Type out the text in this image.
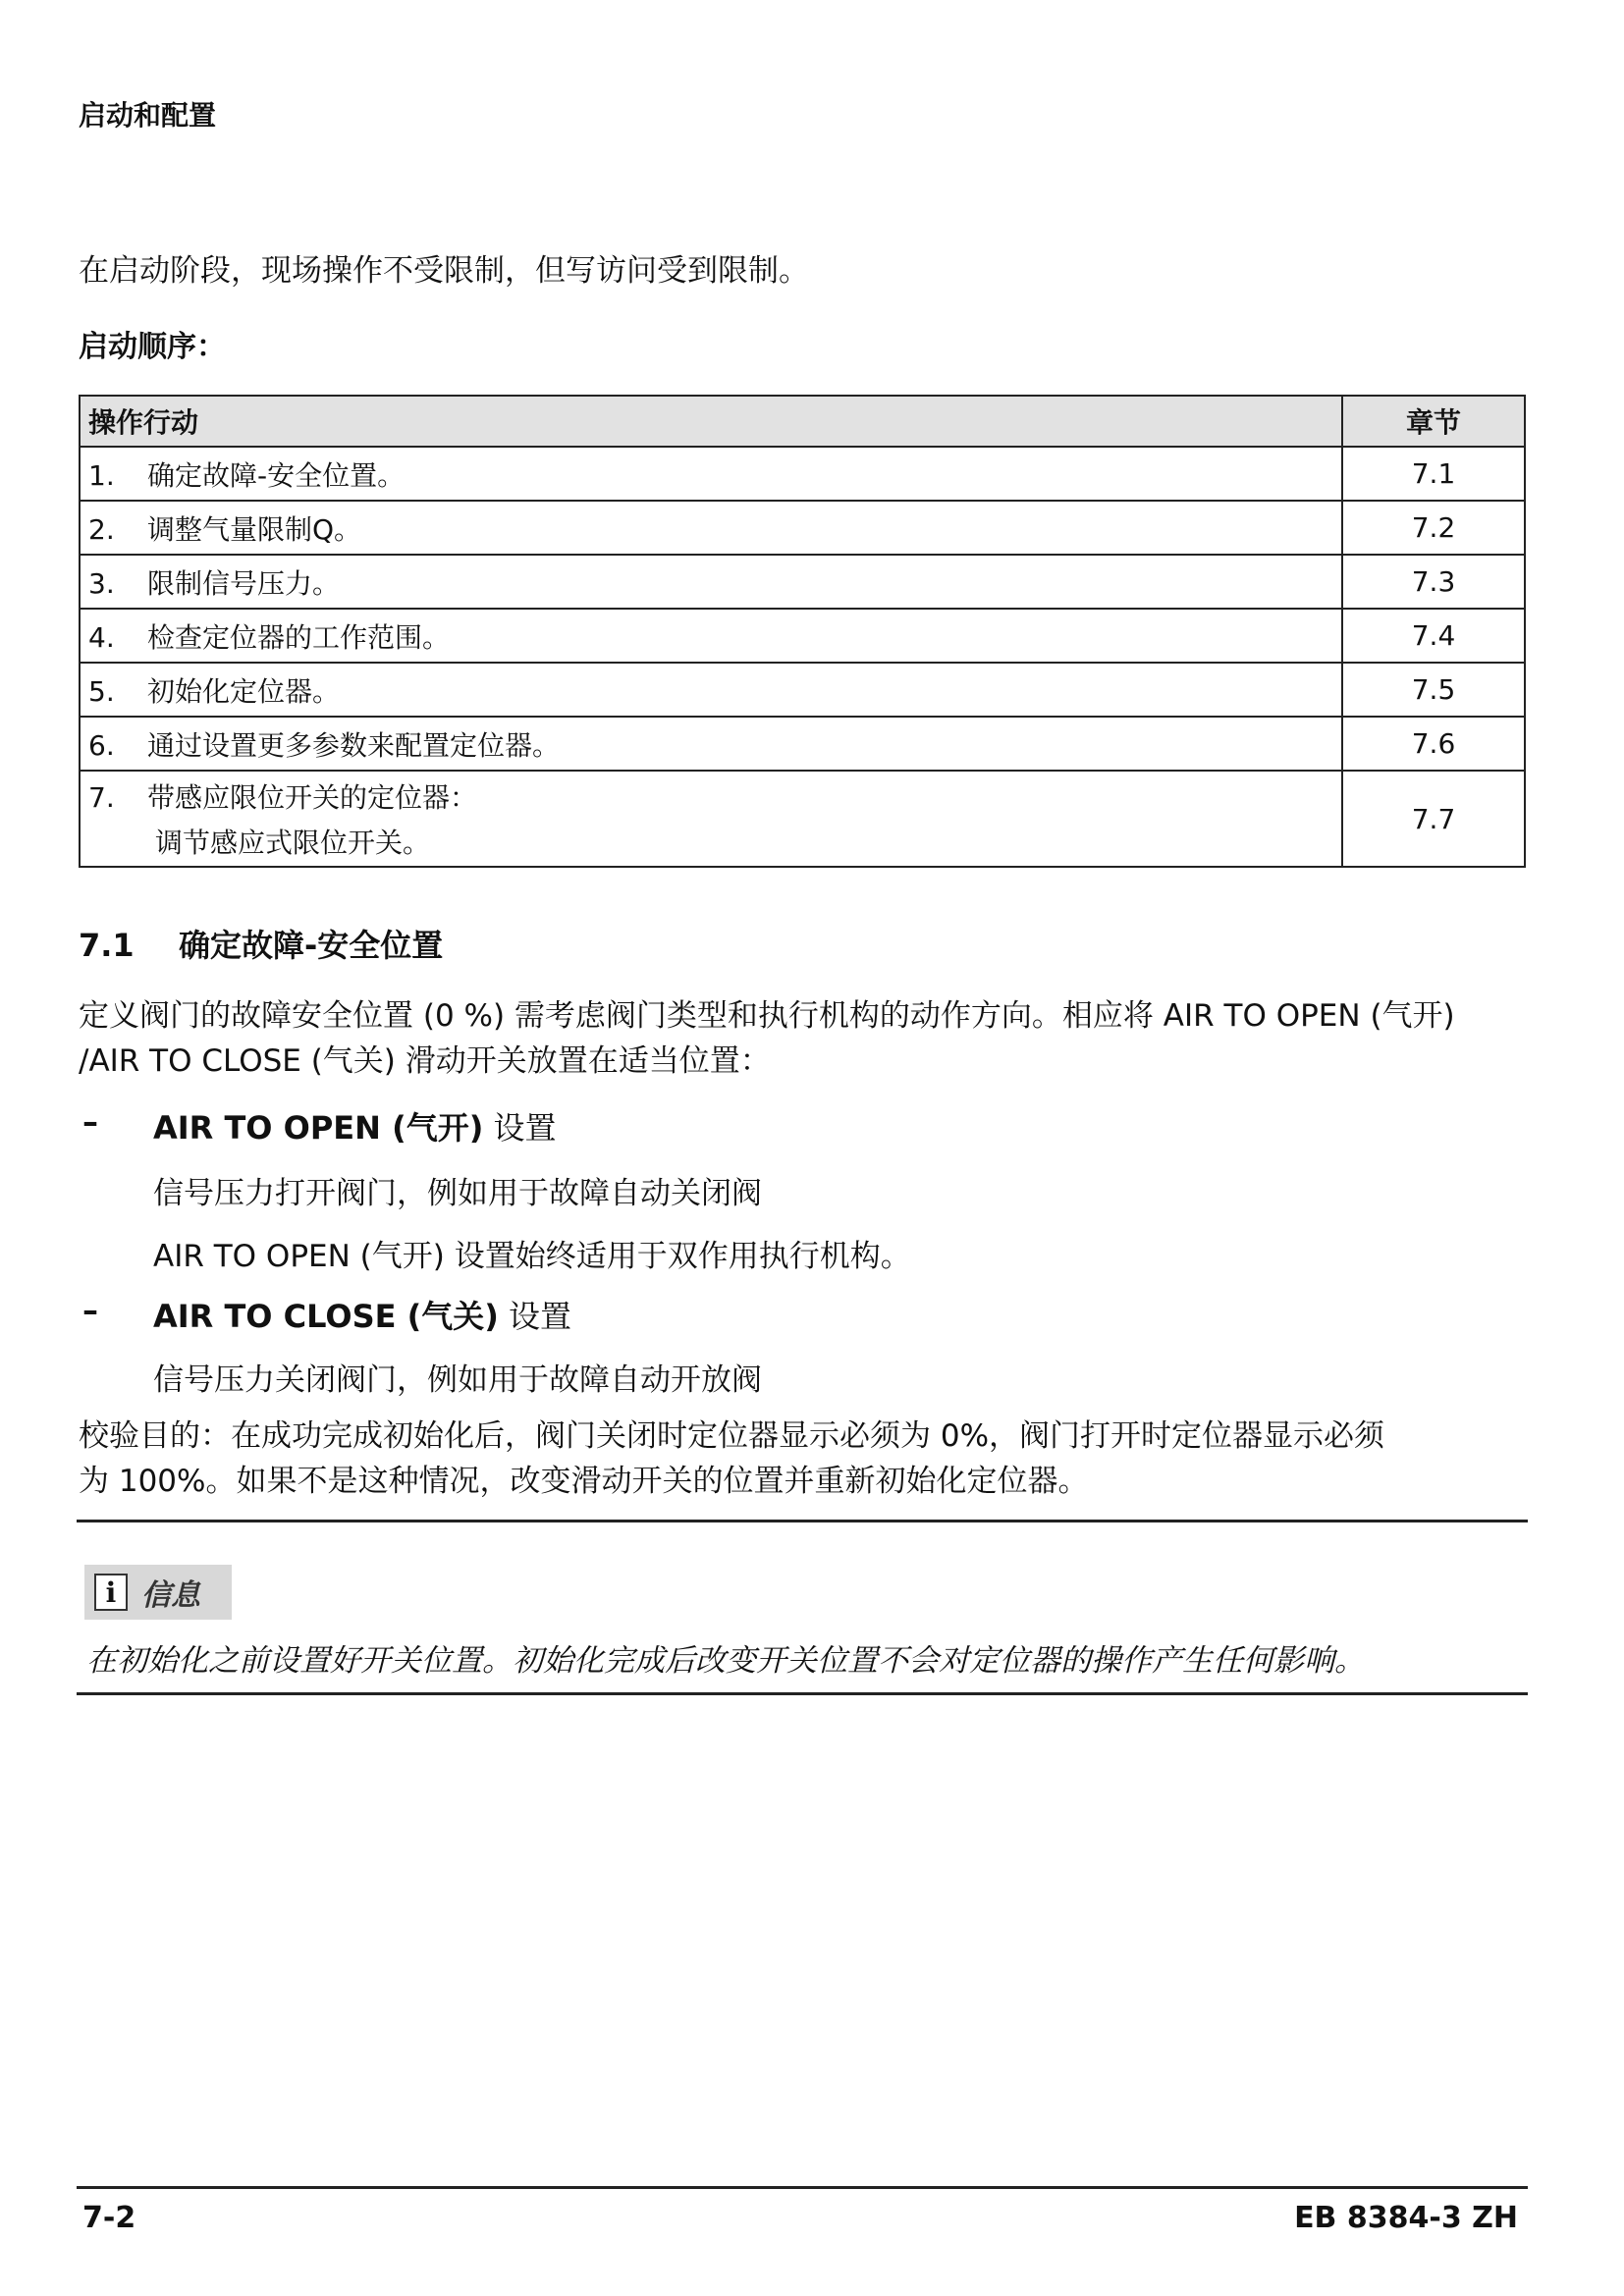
启动和配置
在启动阶段，现场操作不受限制，但写访问受到限制。
启动顺序：
操作行动	章节
1. 确定故障-安全位置。	7.1
2. 调整气量限制Q。	7.2
3. 限制信号压力。	7.3
4. 检查定位器的工作范围。	7.4
5. 初始化定位器。	7.5
6. 通过设置更多参数来配置定位器。	7.6
7. 带感应限位开关的定位器：
调节感应式限位开关。	7.7
7.1 确定故障-安全位置
定义阀门的故障安全位置 (0 %) 需考虑阀门类型和执行机构的动作方向。相应将 AIR TO OPEN (气开)
/AIR TO CLOSE (气关) 滑动开关放置在适当位置：
– AIR TO OPEN (气开) 设置
信号压力打开阀门，例如用于故障自动关闭阀
AIR TO OPEN (气开) 设置始终适用于双作用执行机构。
– AIR TO CLOSE (气关) 设置
信号压力关闭阀门，例如用于故障自动开放阀
校验目的：在成功完成初始化后，阀门关闭时定位器显示必须为 0%，阀门打开时定位器显示必须
为 100%。如果不是这种情况，改变滑动开关的位置并重新初始化定位器。
i 信息
在初始化之前设置好开关位置。初始化完成后改变开关位置不会对定位器的操作产生任何影响。
7-2	EB 8384-3 ZH
